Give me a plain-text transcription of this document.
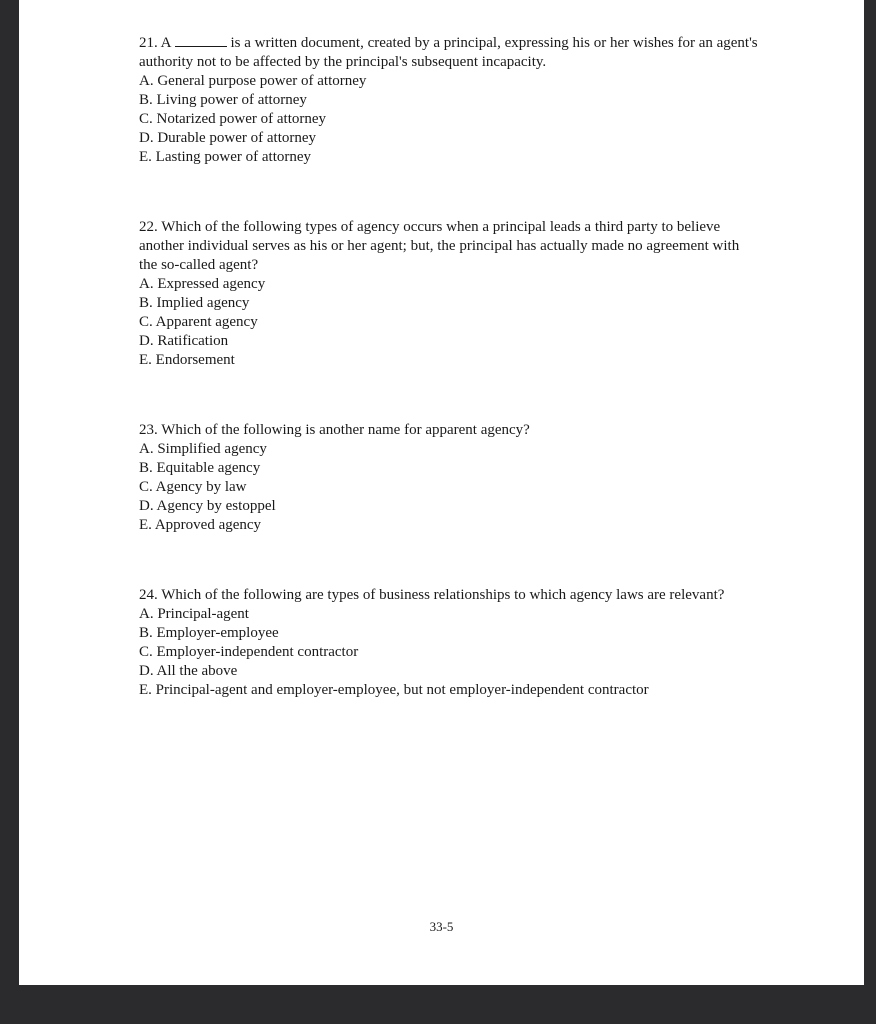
21. A	is a written document, created by a principal, expressing his or her wishes for an agent's authority not to be affected by the principal's subsequent incapacity.

A. General purpose power of attorney

B. Living power of attorney

C. Notarized power of attorney

D. Durable power of attorney

E. Lasting power of attorney

22. Which of the following types of agency occurs when a principal leads a third party to believe another individual serves as his or her agent; but, the principal has actually made no agreement with the so-called agent?

A. Expressed agency

B. Implied agency

C. Apparent agency

D. Ratification

E. Endorsement

23. Which of the following is another name for apparent agency?

A. Simplified agency

B. Equitable agency

C. Agency by law

D. Agency by estoppel

E. Approved agency

24. Which of the following are types of business relationships to which agency laws are relevant?

A. Principal-agent

B. Employer-employee

C. Employer-independent contractor

D. All the above

E. Principal-agent and employer-employee, but not employer-independent contractor

33-5
